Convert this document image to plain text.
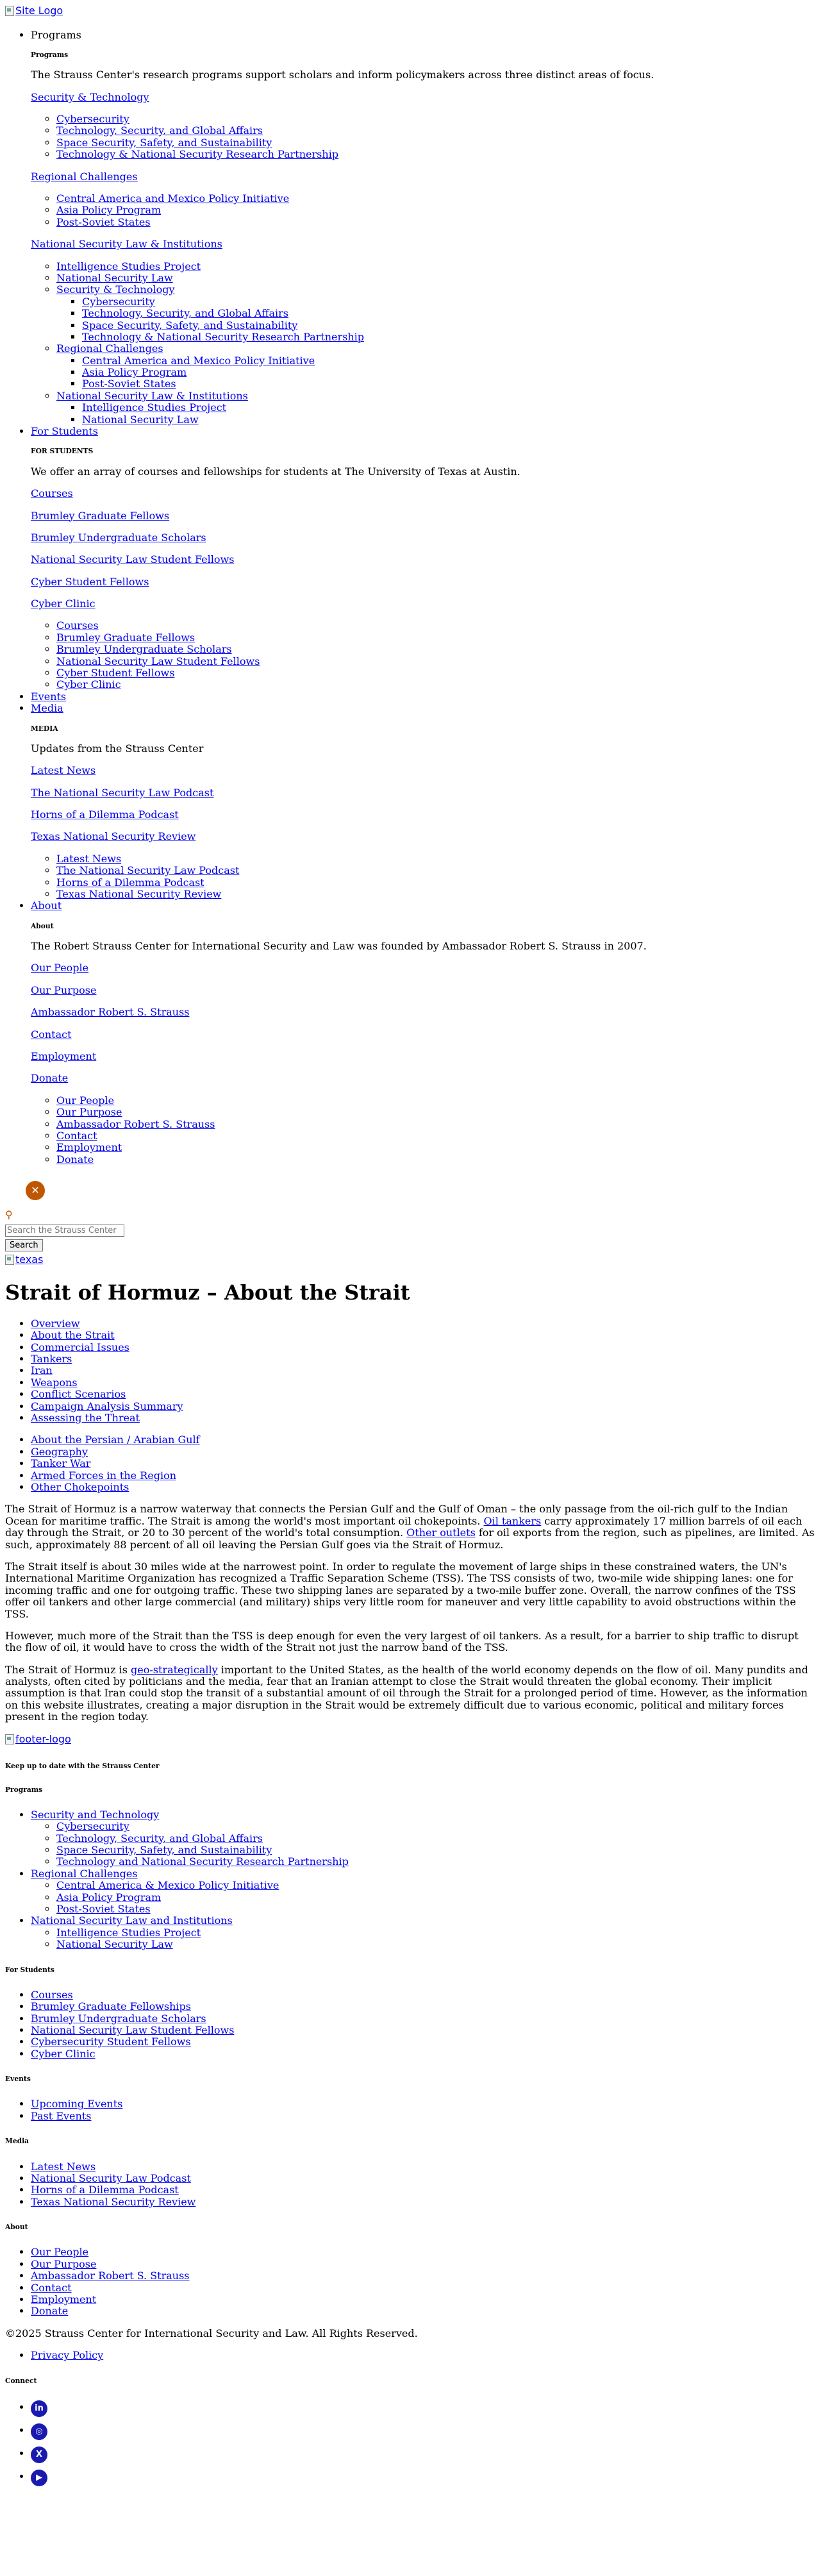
Site Logo
• Programs
Programs

The Strauss Center's research programs support scholars and inform policymakers across three distinct areas of focus.

Security & Technology

◦ Cybersecurity
◦ Technology, Security, and Global Affairs
◦ Space Security, Safety, and Sustainability
◦ Technology & National Security Research Partnership

Regional Challenges

◦ Central America and Mexico Policy Initiative
◦ Asia Policy Program
◦ Post-Soviet States

National Security Law & Institutions

◦ Intelligence Studies Project
◦ National Security Law
◦ Security & Technology
▪ Cybersecurity
▪ Technology, Security, and Global Affairs
▪ Space Security, Safety, and Sustainability
▪ Technology & National Security Research Partnership
◦ Regional Challenges
▪ Central America and Mexico Policy Initiative
▪ Asia Policy Program
▪ Post-Soviet States
◦ National Security Law & Institutions
▪ Intelligence Studies Project
▪ National Security Law
• For Students
FOR STUDENTS

We offer an array of courses and fellowships for students at The University of Texas at Austin.

Courses

Brumley Graduate Fellows

Brumley Undergraduate Scholars

National Security Law Student Fellows

Cyber Student Fellows

Cyber Clinic

◦ Courses
◦ Brumley Graduate Fellows
◦ Brumley Undergraduate Scholars
◦ National Security Law Student Fellows
◦ Cyber Student Fellows
◦ Cyber Clinic
• Events
• Media
MEDIA

Updates from the Strauss Center

Latest News

The National Security Law Podcast

Horns of a Dilemma Podcast

Texas National Security Review

◦ Latest News
◦ The National Security Law Podcast
◦ Horns of a Dilemma Podcast
◦ Texas National Security Review
• About
About

The Robert Strauss Center for International Security and Law was founded by Ambassador Robert S. Strauss in 2007.

Our People

Our Purpose

Ambassador Robert S. Strauss

Contact

Employment

Donate

◦ Our People
◦ Our Purpose
◦ Ambassador Robert S. Strauss
◦ Contact
◦ Employment
◦ Donate
✕
⚲
Search the Strauss Center
Search
texas
Strait of Hormuz – About the Strait
• Overview
• About the Strait
• Commercial Issues
• Tankers
• Iran
• Weapons
• Conflict Scenarios
• Campaign Analysis Summary
• Assessing the Threat
• About the Persian / Arabian Gulf
• Geography
• Tanker War
• Armed Forces in the Region
• Other Chokepoints

The Strait of Hormuz is a narrow waterway that connects the Persian Gulf and the Gulf of Oman – the only passage from the oil-rich gulf to the Indian Ocean for maritime traffic. The Strait is among the world's most important oil chokepoints. Oil tankers carry approximately 17 million barrels of oil each day through the Strait, or 20 to 30 percent of the world's total consumption. Other outlets for oil exports from the region, such as pipelines, are limited. As such, approximately 88 percent of all oil leaving the Persian Gulf goes via the Strait of Hormuz.

The Strait itself is about 30 miles wide at the narrowest point. In order to regulate the movement of large ships in these constrained waters, the UN's International Maritime Organization has recognized a Traffic Separation Scheme (TSS). The TSS consists of two, two-mile wide shipping lanes: one for incoming traffic and one for outgoing traffic. These two shipping lanes are separated by a two-mile buffer zone. Overall, the narrow confines of the TSS offer oil tankers and other large commercial (and military) ships very little room for maneuver and very little capability to avoid obstructions within the TSS.

However, much more of the Strait than the TSS is deep enough for even the very largest of oil tankers. As a result, for a barrier to ship traffic to disrupt the flow of oil, it would have to cross the width of the Strait not just the narrow band of the TSS.

The Strait of Hormuz is geo-strategically important to the United States, as the health of the world economy depends on the flow of oil. Many pundits and analysts, often cited by politicians and the media, fear that an Iranian attempt to close the Strait would threaten the global economy. Their implicit assumption is that Iran could stop the transit of a substantial amount of oil through the Strait for a prolonged period of time. However, as the information on this website illustrates, creating a major disruption in the Strait would be extremely difficult due to various economic, political and military forces present in the region today.

footer-logo

Keep up to date with the Strauss Center
Programs
• Security and Technology
◦ Cybersecurity
◦ Technology, Security, and Global Affairs
◦ Space Security, Safety, and Sustainability
◦ Technology and National Security Research Partnership
• Regional Challenges
◦ Central America & Mexico Policy Initiative
◦ Asia Policy Program
◦ Post-Soviet States
• National Security Law and Institutions
◦ Intelligence Studies Project
◦ National Security Law
For Students
• Courses
• Brumley Graduate Fellowships
• Brumley Undergraduate Scholars
• National Security Law Student Fellows
• Cybersecurity Student Fellows
• Cyber Clinic
Events
• Upcoming Events
• Past Events
Media
• Latest News
• National Security Law Podcast
• Horns of a Dilemma Podcast
• Texas National Security Review
About
• Our People
• Our Purpose
• Ambassador Robert S. Strauss
• Contact
• Employment
• Donate

©2025 Strauss Center for International Security and Law. All Rights Reserved.

• Privacy Policy
Connect
• in
• ◎
• X
• ▶
